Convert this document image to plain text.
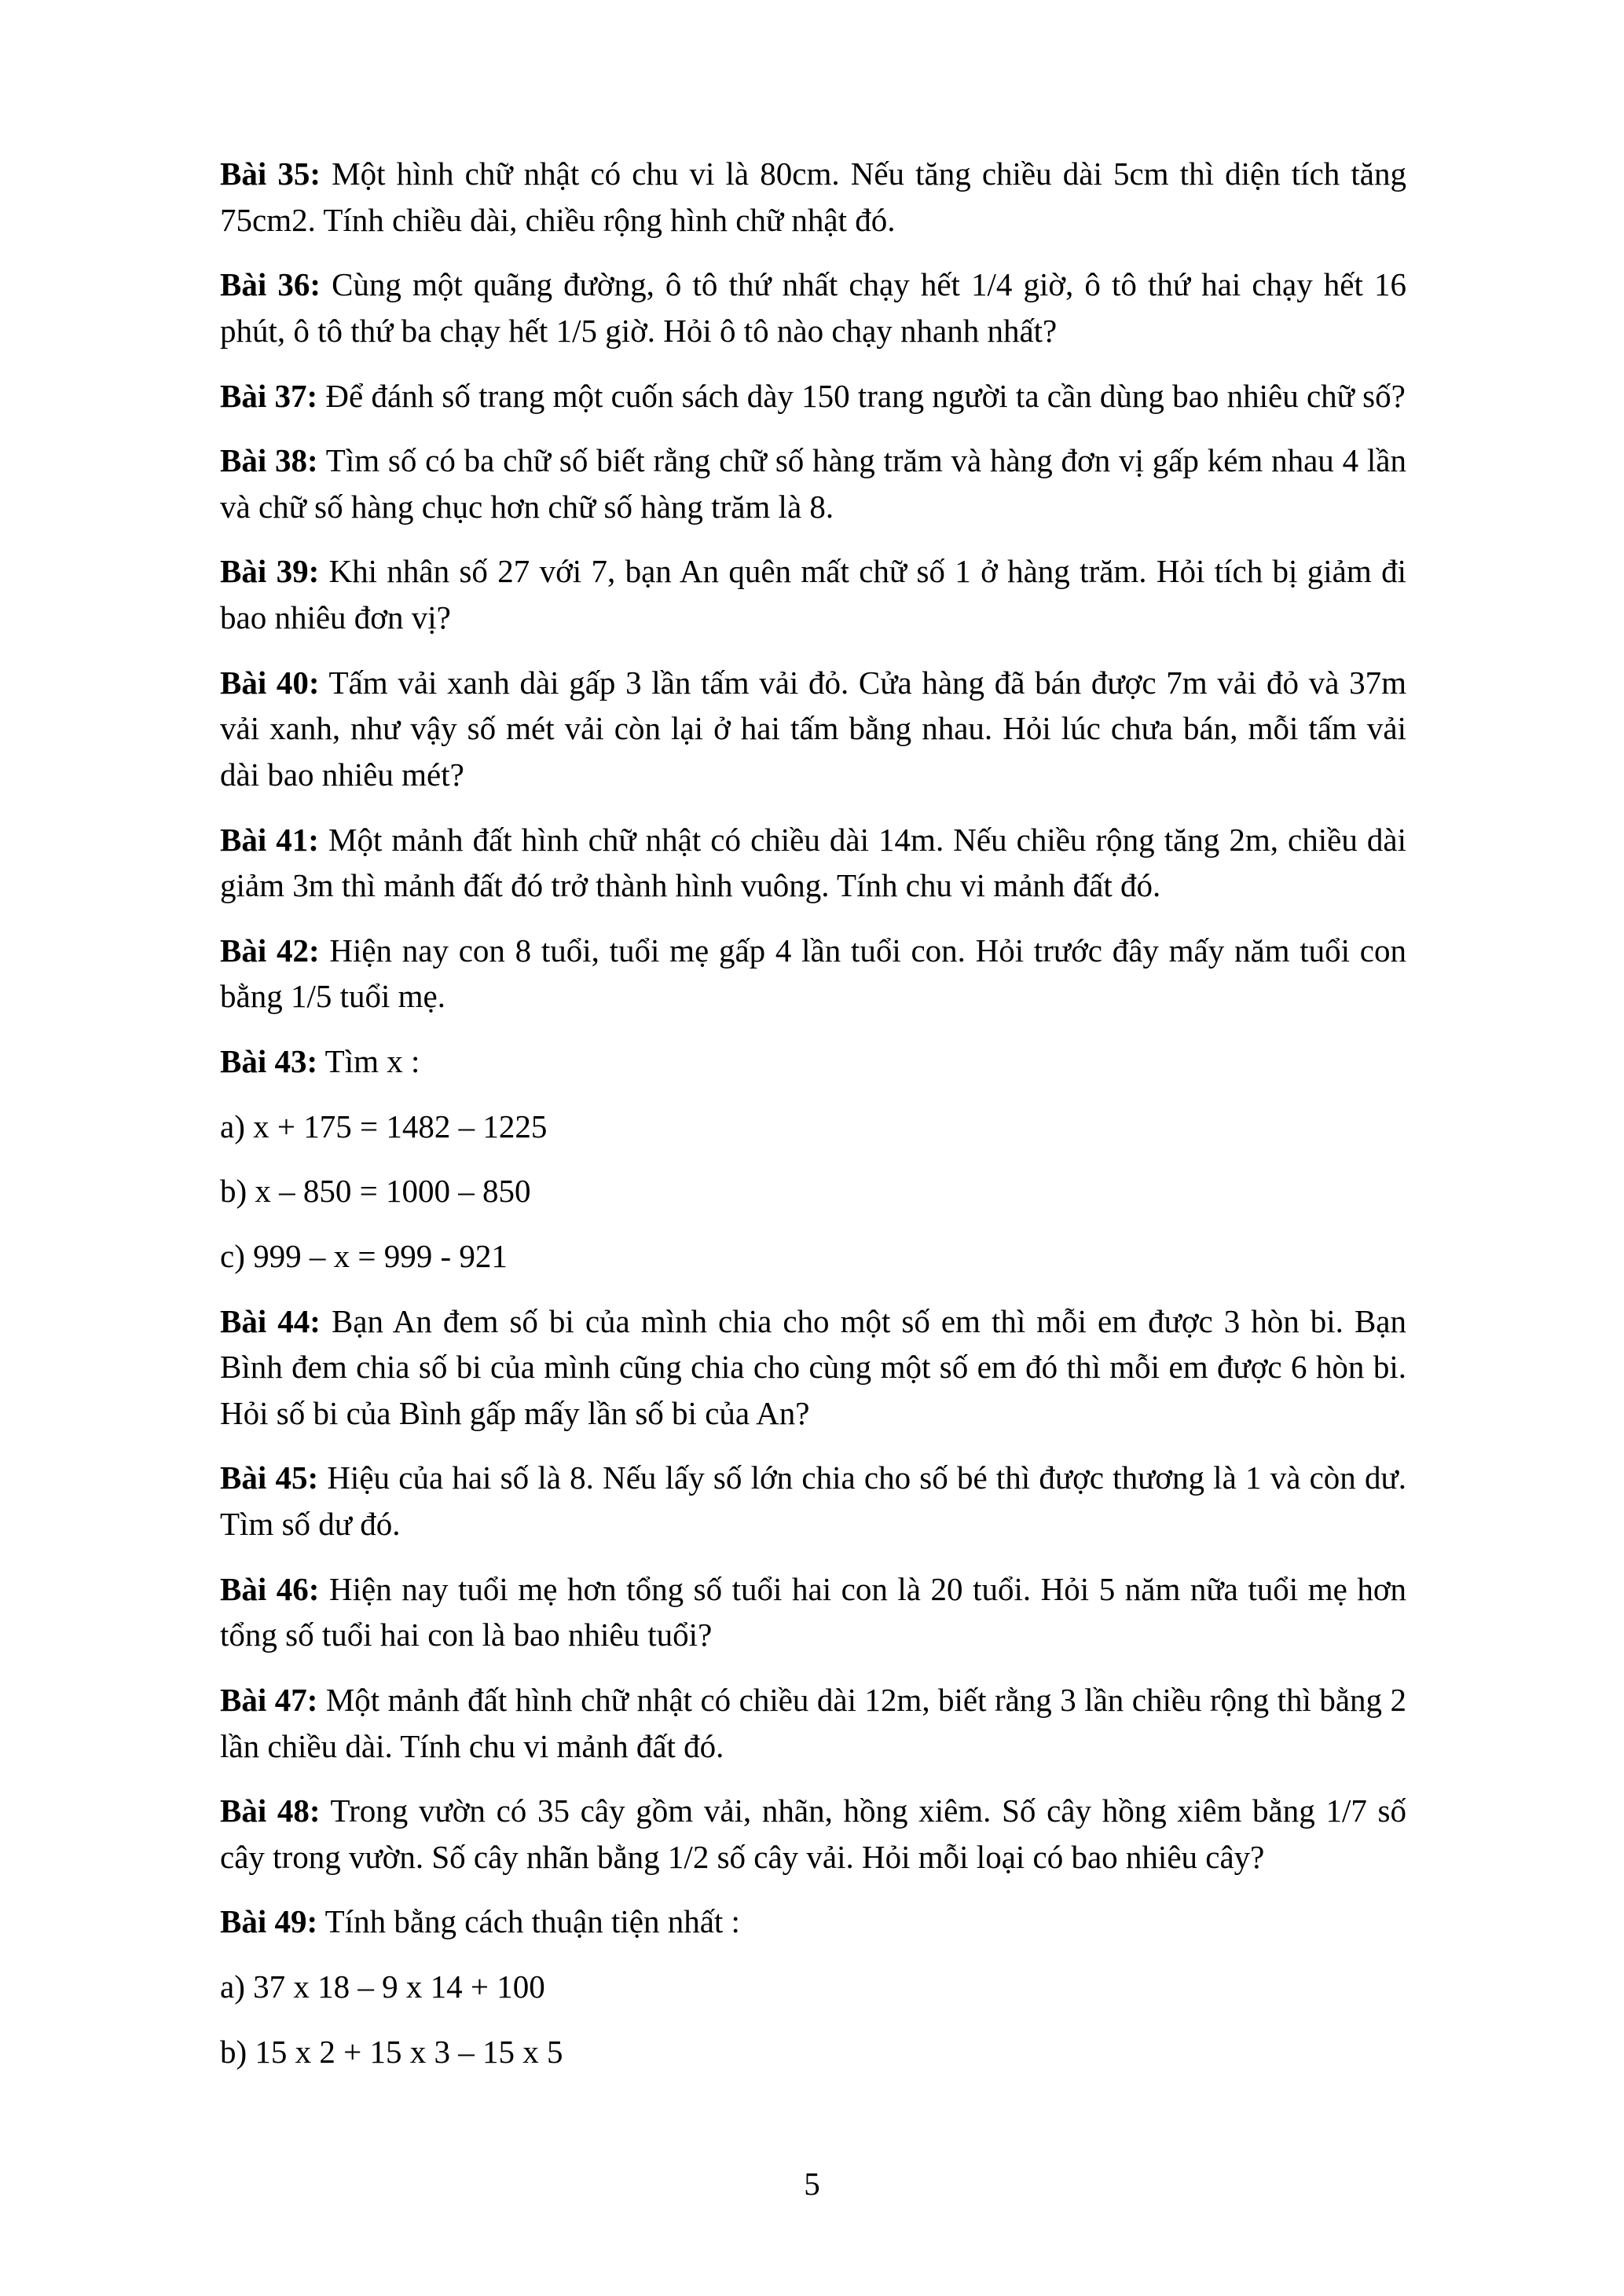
Bài 35: Một hình chữ nhật có chu vi là 80cm. Nếu tăng chiều dài 5cm thì diện tích tăng 75cm2. Tính chiều dài, chiều rộng hình chữ nhật đó.

Bài 36: Cùng một quãng đường, ô tô thứ nhất chạy hết 1/4 giờ, ô tô thứ hai chạy hết 16 phút, ô tô thứ ba chạy hết 1/5 giờ. Hỏi ô tô nào chạy nhanh nhất?

Bài 37: Để đánh số trang một cuốn sách dày 150 trang người ta cần dùng bao nhiêu chữ số?

Bài 38: Tìm số có ba chữ số biết rằng chữ số hàng trăm và hàng đơn vị gấp kém nhau 4 lần và chữ số hàng chục hơn chữ số hàng trăm là 8.

Bài 39: Khi nhân số 27 với 7, bạn An quên mất chữ số 1 ở hàng trăm. Hỏi tích bị giảm đi bao nhiêu đơn vị?

Bài 40: Tấm vải xanh dài gấp 3 lần tấm vải đỏ. Cửa hàng đã bán được 7m vải đỏ và 37m vải xanh, như vậy số mét vải còn lại ở hai tấm bằng nhau. Hỏi lúc chưa bán, mỗi tấm vải dài bao nhiêu mét?

Bài 41: Một mảnh đất hình chữ nhật có chiều dài 14m. Nếu chiều rộng tăng 2m, chiều dài giảm 3m thì mảnh đất đó trở thành hình vuông. Tính chu vi mảnh đất đó.

Bài 42: Hiện nay con 8 tuổi, tuổi mẹ gấp 4 lần tuổi con. Hỏi trước đây mấy năm tuổi con bằng 1/5 tuổi mẹ.

Bài 43: Tìm x :

a) x + 175 = 1482 – 1225

b) x – 850 = 1000 – 850

c) 999 – x = 999 - 921

Bài 44: Bạn An đem số bi của mình chia cho một số em thì mỗi em được 3 hòn bi. Bạn Bình đem chia số bi của mình cũng chia cho cùng một số em đó thì mỗi em được 6 hòn bi. Hỏi số bi của Bình gấp mấy lần số bi của An?

Bài 45: Hiệu của hai số là 8. Nếu lấy số lớn chia cho số bé thì được thương là 1 và còn dư. Tìm số dư đó.

Bài 46: Hiện nay tuổi mẹ hơn tổng số tuổi hai con là 20 tuổi. Hỏi 5 năm nữa tuổi mẹ hơn tổng số tuổi hai con là bao nhiêu tuổi?

Bài 47: Một mảnh đất hình chữ nhật có chiều dài 12m, biết rằng 3 lần chiều rộng thì bằng 2 lần chiều dài. Tính chu vi mảnh đất đó.

Bài 48: Trong vườn có 35 cây gồm vải, nhãn, hồng xiêm. Số cây hồng xiêm bằng 1/7 số cây trong vườn. Số cây nhãn bằng 1/2 số cây vải. Hỏi mỗi loại có bao nhiêu cây?

Bài 49: Tính bằng cách thuận tiện nhất :

a) 37 x 18 – 9 x 14 + 100

b) 15 x 2 + 15 x 3 – 15 x 5

5
